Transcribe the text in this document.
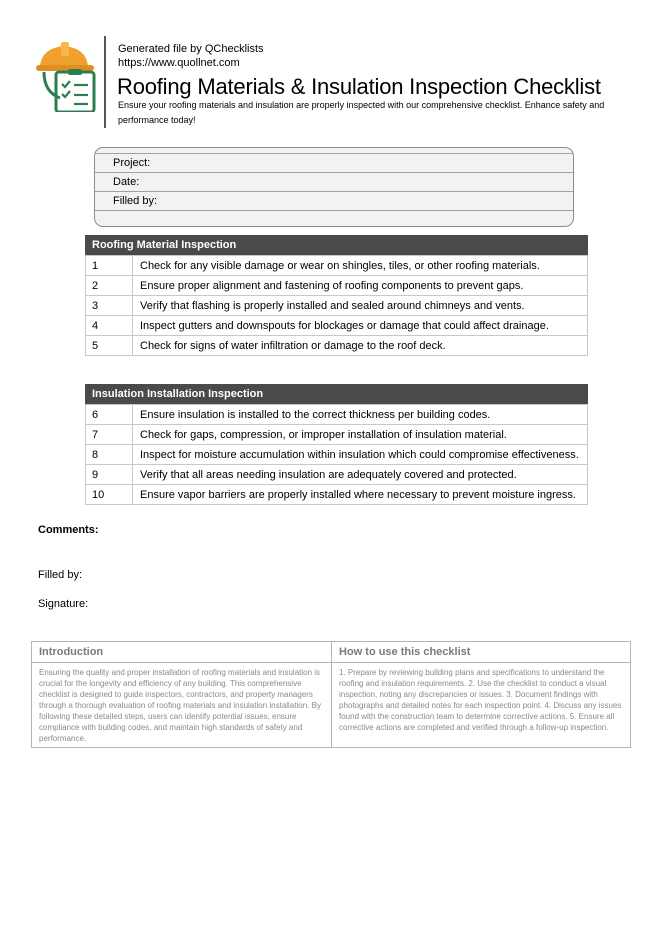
Generated file by QChecklists
https://www.quollnet.com
Roofing Materials & Insulation Inspection Checklist
Ensure your roofing materials and insulation are properly inspected with our comprehensive checklist. Enhance safety and performance today!
Project:
Date:
Filled by:
Roofing Material Inspection
1	Check for any visible damage or wear on shingles, tiles, or other roofing materials.
2	Ensure proper alignment and fastening of roofing components to prevent gaps.
3	Verify that flashing is properly installed and sealed around chimneys and vents.
4	Inspect gutters and downspouts for blockages or damage that could affect drainage.
5	Check for signs of water infiltration or damage to the roof deck.
Insulation Installation Inspection
6	Ensure insulation is installed to the correct thickness per building codes.
7	Check for gaps, compression, or improper installation of insulation material.
8	Inspect for moisture accumulation within insulation which could compromise effectiveness.
9	Verify that all areas needing insulation are adequately covered and protected.
10	Ensure vapor barriers are properly installed where necessary to prevent moisture ingress.
Comments:
Filled by:
Signature:
Introduction
Ensuring the quality and proper installation of roofing materials and insulation is crucial for the longevity and efficiency of any building. This comprehensive checklist is designed to guide inspectors, contractors, and property managers through a thorough evaluation of roofing materials and insulation installation. By following these detailed steps, users can identify potential issues, ensure compliance with building codes, and maintain high standards of safety and performance.
How to use this checklist
1. Prepare by reviewing building plans and specifications to understand the roofing and insulation requirements. 2. Use the checklist to conduct a visual inspection, noting any discrepancies or issues. 3. Document findings with photographs and detailed notes for each inspection point. 4. Discuss any issues found with the construction team to determine corrective actions. 5. Ensure all corrective actions are completed and verified through a follow-up inspection.
